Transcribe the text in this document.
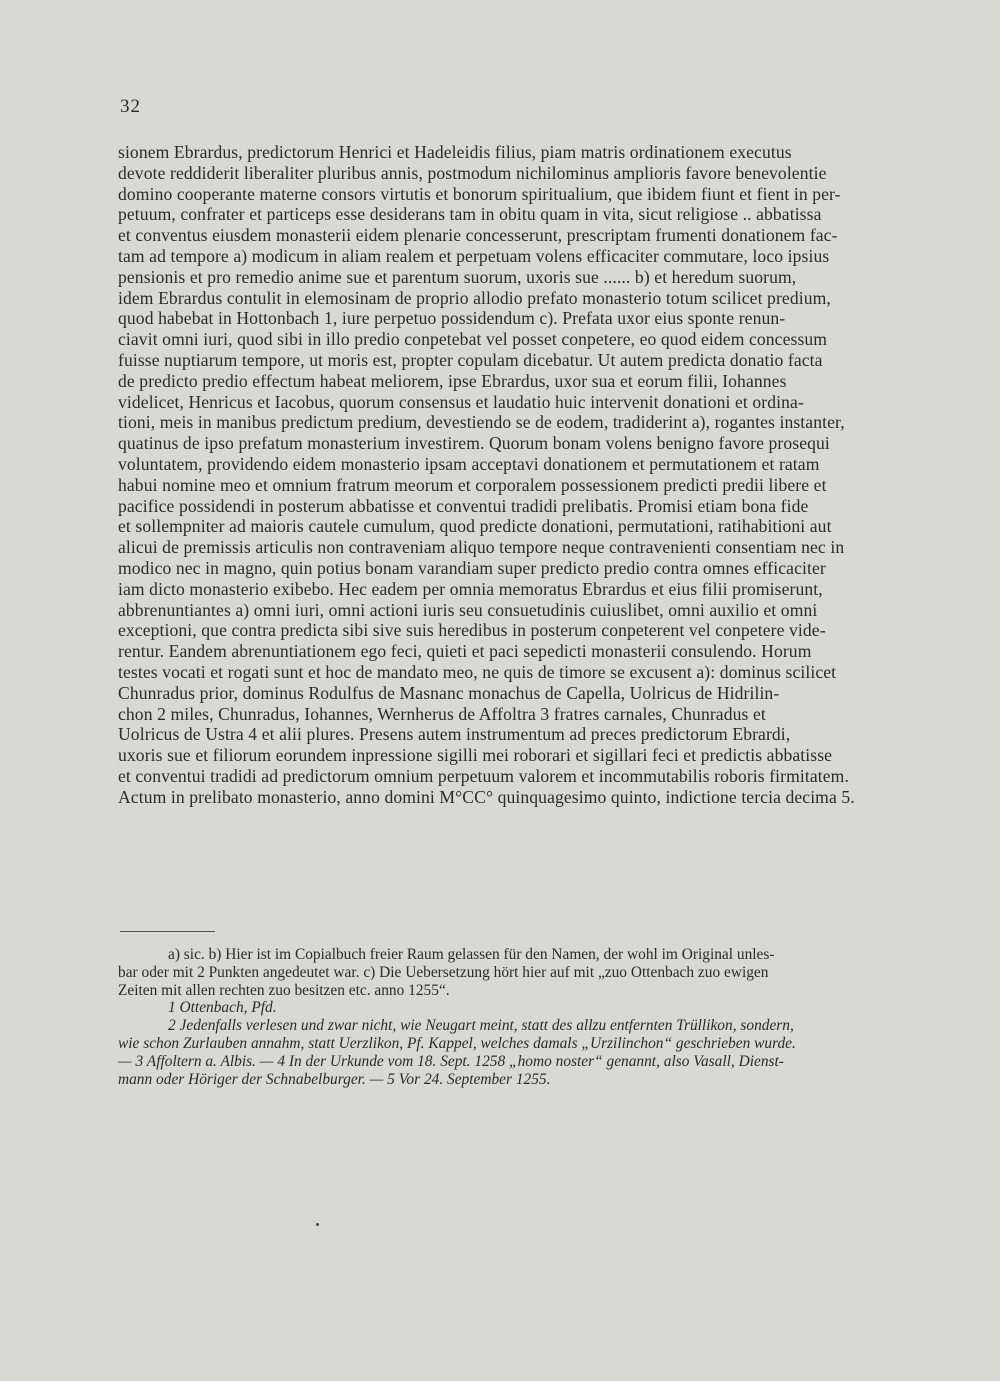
32
sionem Ebrardus, predictorum Henrici et Hadeleidis filius, piam matris ordinationem executus
devote reddiderit liberaliter pluribus annis, postmodum nichilominus amplioris favore benevolentie
domino cooperante materne consors virtutis et bonorum spiritualium, que ibidem fiunt et fient in per-
petuum, confrater et particeps esse desiderans tam in obitu quam in vita, sicut religiose .. abbatissa
et conventus eiusdem monasterii eidem plenarie concesserunt, prescriptam frumenti donationem fac-
tam ad tempore a) modicum in aliam realem et perpetuam volens efficaciter commutare, loco ipsius
pensionis et pro remedio anime sue et parentum suorum, uxoris sue ...... b) et heredum suorum,
idem Ebrardus contulit in elemosinam de proprio allodio prefato monasterio totum scilicet predium,
quod habebat in Hottonbach 1, iure perpetuo possidendum c). Prefata uxor eius sponte renun-
ciavit omni iuri, quod sibi in illo predio conpetebat vel posset conpetere, eo quod eidem concessum
fuisse nuptiarum tempore, ut moris est, propter copulam dicebatur. Ut autem predicta donatio facta
de predicto predio effectum habeat meliorem, ipse Ebrardus, uxor sua et eorum filii, Iohannes
videlicet, Henricus et Iacobus, quorum consensus et laudatio huic intervenit donationi et ordina-
tioni, meis in manibus predictum predium, devestiendo se de eodem, tradiderint a), rogantes instanter,
quatinus de ipso prefatum monasterium investirem. Quorum bonam volens benigno favore prosequi
voluntatem, providendo eidem monasterio ipsam acceptavi donationem et permutationem et ratam
habui nomine meo et omnium fratrum meorum et corporalem possessionem predicti predii libere et
pacifice possidendi in posterum abbatisse et conventui tradidi prelibatis. Promisi etiam bona fide
et sollempniter ad maioris cautele cumulum, quod predicte donationi, permutationi, ratihabitioni aut
alicui de premissis articulis non contraveniam aliquo tempore neque contravenienti consentiam nec in
modico nec in magno, quin potius bonam varandiam super predicto predio contra omnes efficaciter
iam dicto monasterio exibebo. Hec eadem per omnia memoratus Ebrardus et eius filii promiserunt,
abbrenuntiantes a) omni iuri, omni actioni iuris seu consuetudinis cuiuslibet, omni auxilio et omni
exceptioni, que contra predicta sibi sive suis heredibus in posterum conpeterent vel conpetere vide-
rentur. Eandem abrenuntiationem ego feci, quieti et paci sepedicti monasterii consulendo. Horum
testes vocati et rogati sunt et hoc de mandato meo, ne quis de timore se excusent a): dominus scilicet
Chunradus prior, dominus Rodulfus de Masnanc monachus de Capella, Uolricus de Hidrilin-
chon 2 miles, Chunradus, Iohannes, Wernherus de Affoltra 3 fratres carnales, Chunradus et
Uolricus de Ustra 4 et alii plures. Presens autem instrumentum ad preces predictorum Ebrardi,
uxoris sue et filiorum eorundem inpressione sigilli mei roborari et sigillari feci et predictis abbatisse
et conventui tradidi ad predictorum omnium perpetuum valorem et incommutabilis roboris firmitatem.
Actum in prelibato monasterio, anno domini M°CC° quinquagesimo quinto, indictione tercia decima 5.
a) sic. b) Hier ist im Copialbuch freier Raum gelassen für den Namen, der wohl im Original unles-
bar oder mit 2 Punkten angedeutet war. c) Die Uebersetzung hört hier auf mit „zuo Ottenbach zuo ewigen
Zeiten mit allen rechten zuo besitzen etc. anno 1255“.
1 Ottenbach, Pfd.
2 Jedenfalls verlesen und zwar nicht, wie Neugart meint, statt des allzu entfernten Trüllikon, sondern,
wie schon Zurlauben annahm, statt Uerzlikon, Pf. Kappel, welches damals „Urzilinchon“ geschrieben wurde.
— 3 Affoltern a. Albis. — 4 In der Urkunde vom 18. Sept. 1258 „homo noster“ genannt, also Vasall, Dienst-
mann oder Höriger der Schnabelburger. — 5 Vor 24. September 1255.
